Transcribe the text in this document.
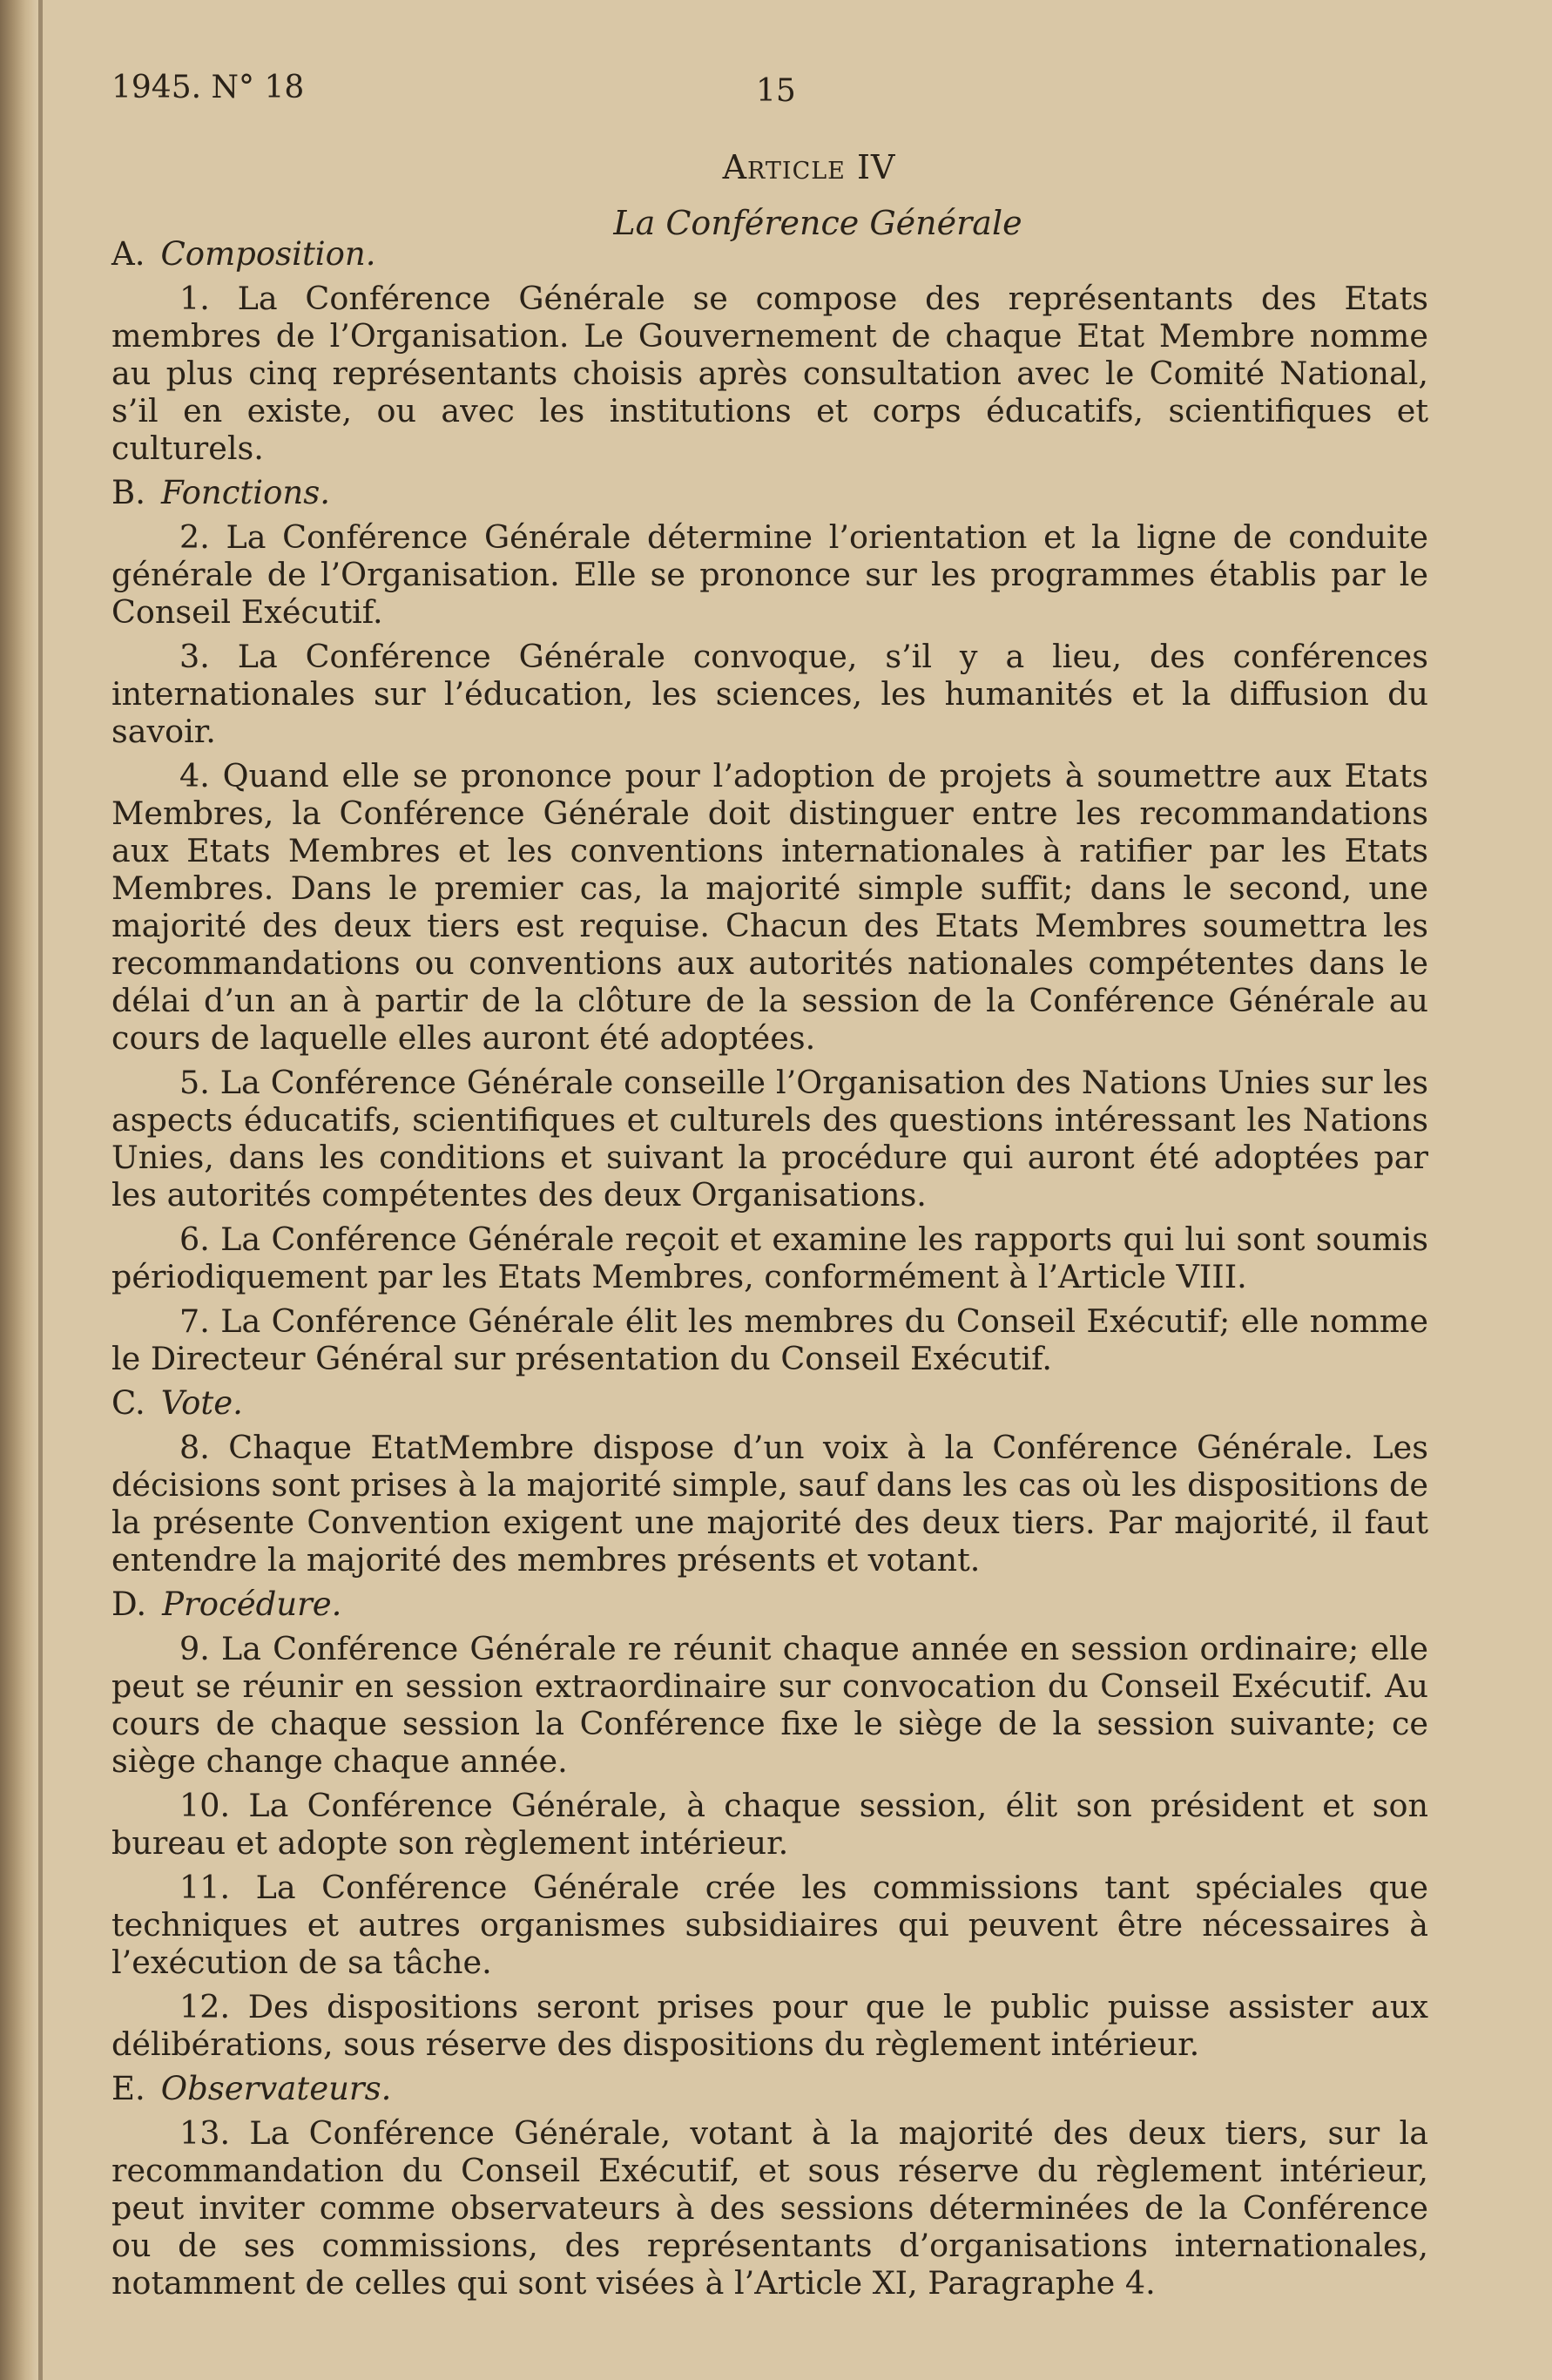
1945. N° 18	15
Article IV
La Conférence Générale
A. Composition.

1. La Conférence Générale se compose des représentants des Etats membres de l’Organisation. Le Gouvernement de chaque Etat Membre nomme au plus cinq représentants choisis après consultation avec le Comité National, s’il en existe, ou avec les institutions et corps éducatifs, scientifiques et culturels.

B. Fonctions.

2. La Conférence Générale détermine l’orientation et la ligne de conduite générale de l’Organisation. Elle se prononce sur les programmes établis par le Conseil Exécutif.

3. La Conférence Générale convoque, s’il y a lieu, des conférences internationales sur l’éducation, les sciences, les humanités et la diffusion du savoir.

4. Quand elle se prononce pour l’adoption de projets à soumettre aux Etats Membres, la Conférence Générale doit distinguer entre les recommandations aux Etats Membres et les conventions internationales à ratifier par les Etats Membres. Dans le premier cas, la majorité simple suffit; dans le second, une majorité des deux tiers est requise. Chacun des Etats Membres soumettra les recommandations ou conventions aux autorités nationales compétentes dans le délai d’un an à partir de la clôture de la session de la Conférence Générale au cours de laquelle elles auront été adoptées.

5. La Conférence Générale conseille l’Organisation des Nations Unies sur les aspects éducatifs, scientifiques et culturels des questions intéressant les Nations Unies, dans les conditions et suivant la procédure qui auront été adoptées par les autorités compétentes des deux Organisations.

6. La Conférence Générale reçoit et examine les rapports qui lui sont soumis périodiquement par les Etats Membres, conformément à l’Article VIII.

7. La Conférence Générale élit les membres du Conseil Exécutif; elle nomme le Directeur Général sur présentation du Conseil Exécutif.

C. Vote.

8. Chaque EtatMembre dispose d’un voix à la Conférence Générale. Les décisions sont prises à la majorité simple, sauf dans les cas où les dispositions de la présente Convention exigent une majorité des deux tiers. Par majorité, il faut entendre la majorité des membres présents et votant.

D. Procédure.

9. La Conférence Générale re réunit chaque année en session ordinaire; elle peut se réunir en session extraordinaire sur convocation du Conseil Exécutif. Au cours de chaque session la Conférence fixe le siège de la session suivante; ce siège change chaque année.

10. La Conférence Générale, à chaque session, élit son président et son bureau et adopte son règlement intérieur.

11. La Conférence Générale crée les commissions tant spéciales que techniques et autres organismes subsidiaires qui peuvent être nécessaires à l’exécution de sa tâche.

12. Des dispositions seront prises pour que le public puisse assister aux délibérations, sous réserve des dispositions du règlement intérieur.

E. Observateurs.

13. La Conférence Générale, votant à la majorité des deux tiers, sur la recommandation du Conseil Exécutif, et sous réserve du règlement intérieur, peut inviter comme observateurs à des sessions déterminées de la Conférence ou de ses commissions, des représentants d’organisations internationales, notamment de celles qui sont visées à l’Article XI, Paragraphe 4.
